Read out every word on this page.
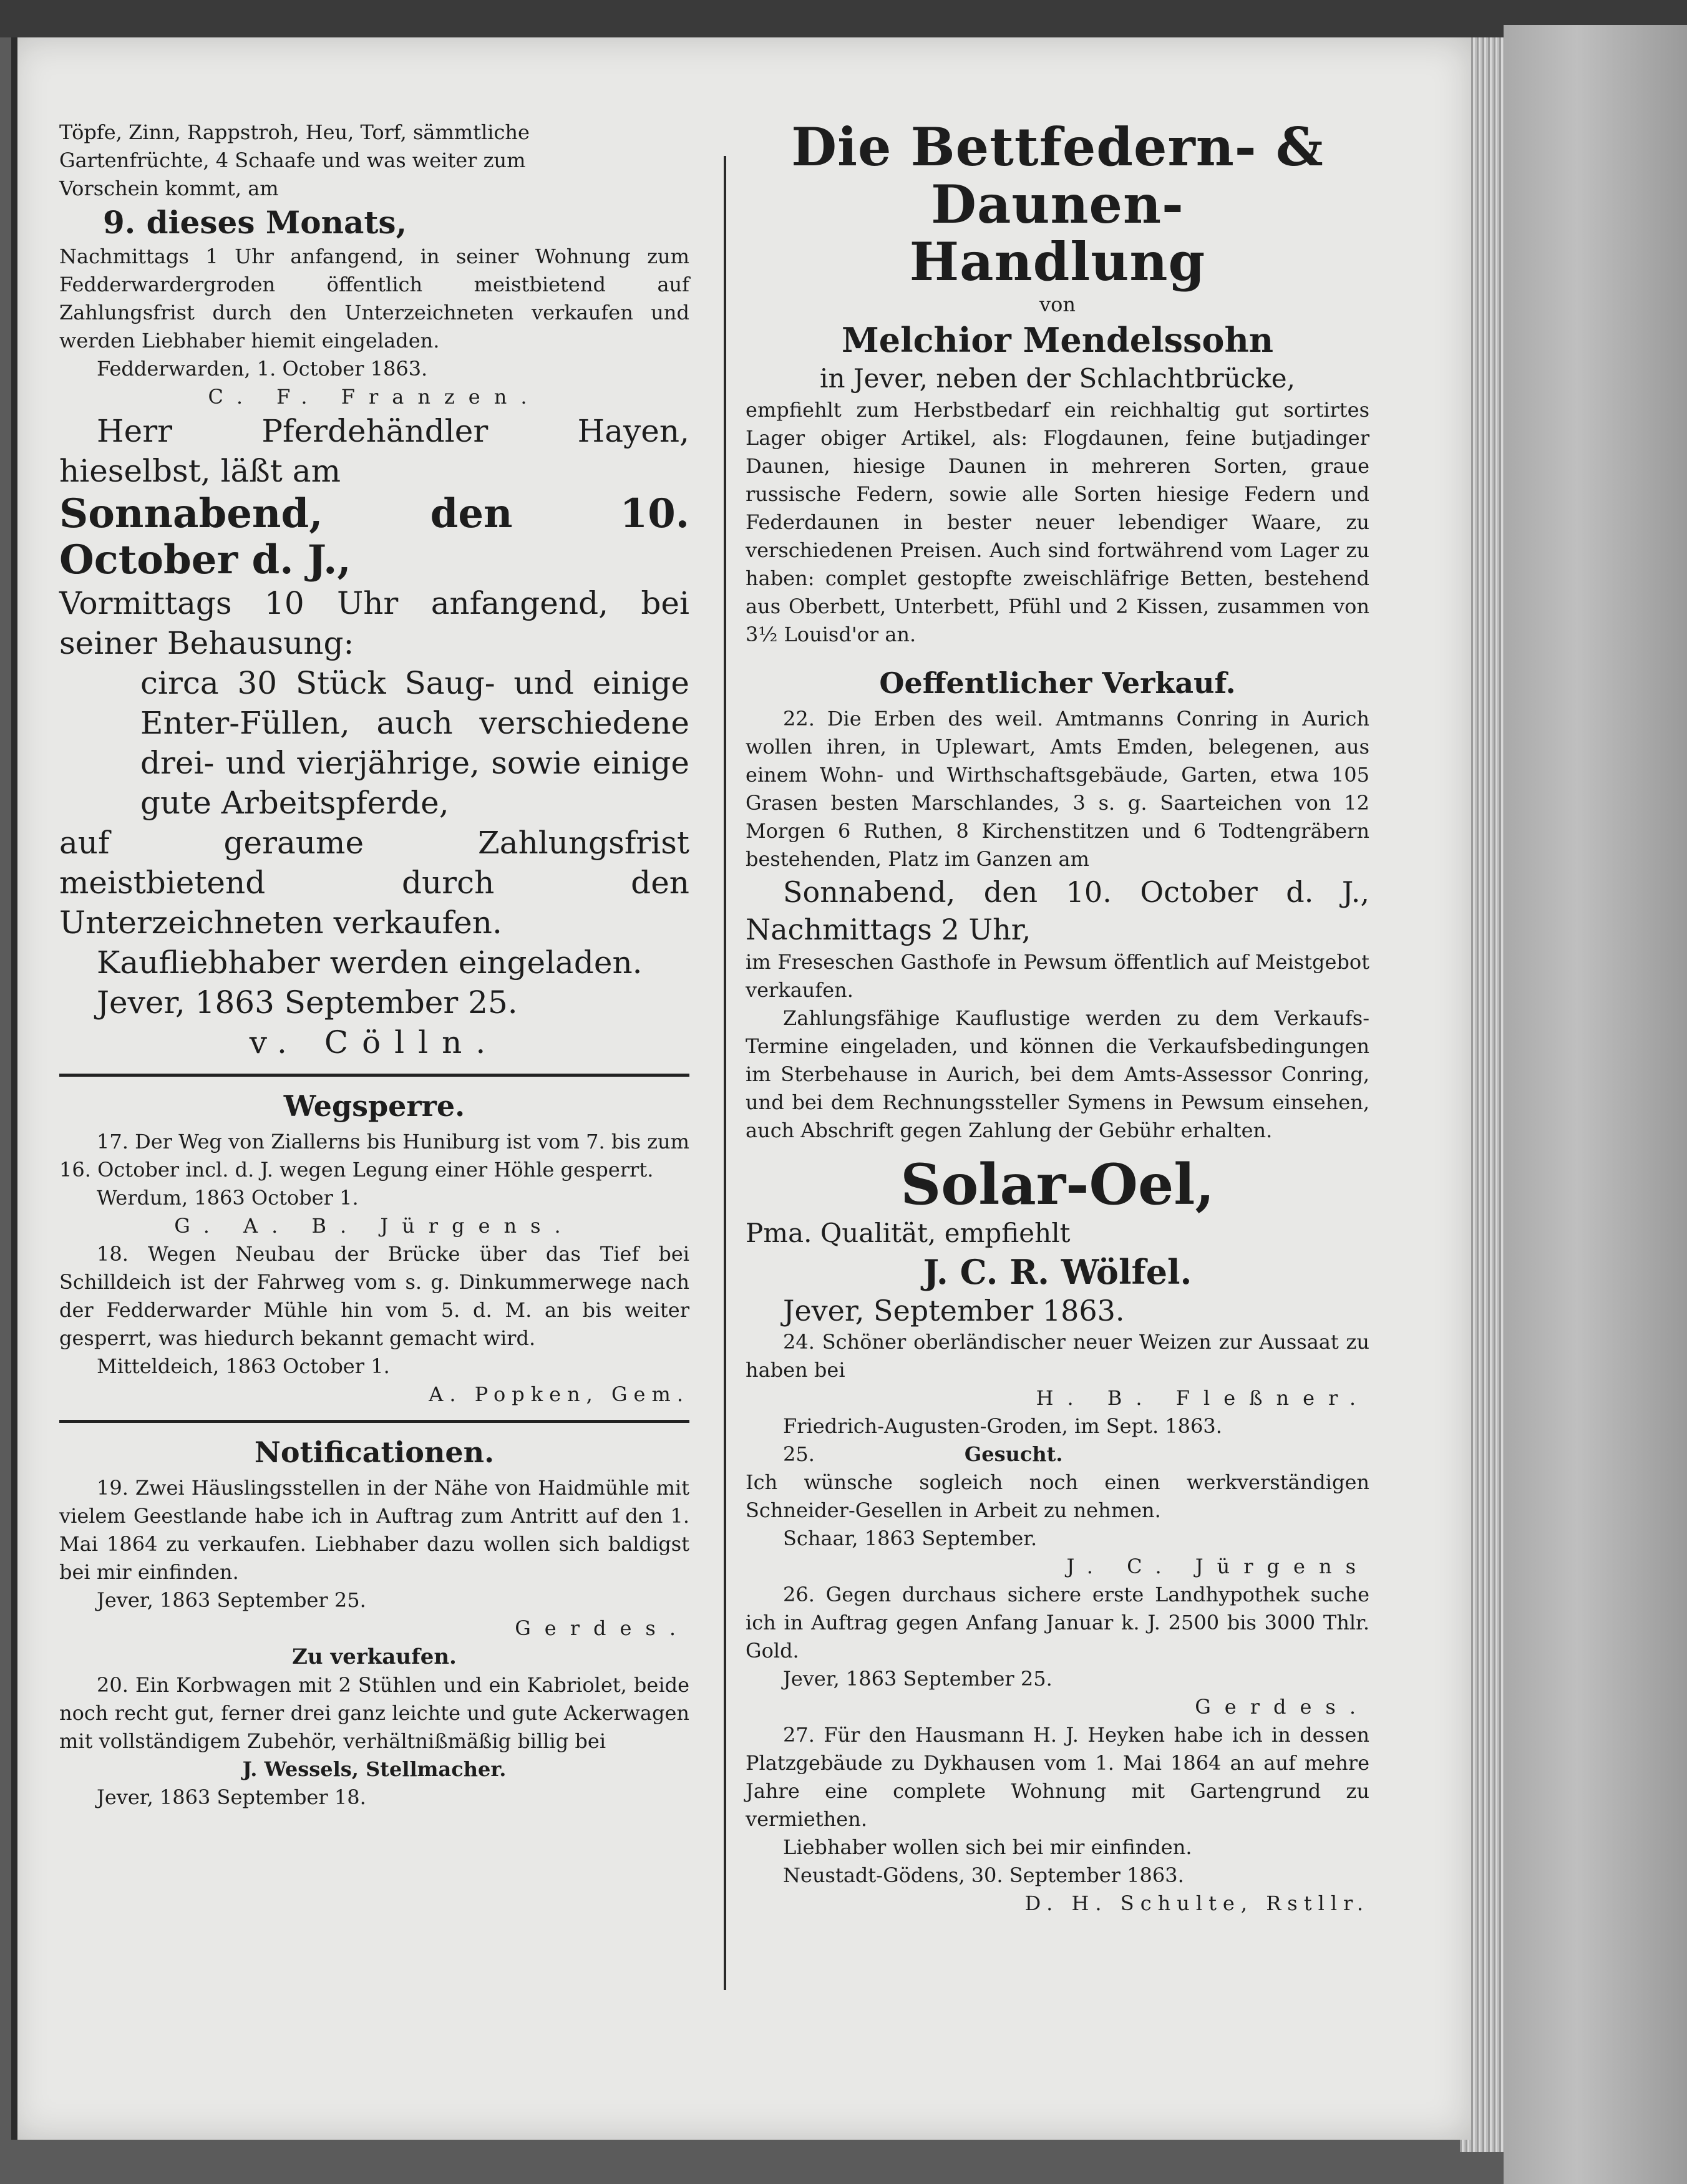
Töpfe, Zinn, Rappstroh, Heu, Torf, sämmtliche

Gartenfrüchte, 4 Schaafe und was weiter zum

Vorschein kommt, am

9. dieses Monats,

Nachmittags 1 Uhr anfangend, in seiner Wohnung zum Fedderwardergroden öffentlich meistbietend auf Zahlungsfrist durch den Unterzeichneten verkaufen und werden Liebhaber hiemit eingeladen.

Fedderwarden, 1. October 1863.

C. F. Franzen.

Herr Pferdehändler Hayen, hieselbst, läßt am

Sonnabend, den 10. October d. J.,

Vormittags 10 Uhr anfangend, bei seiner Behausung:

circa 30 Stück Saug- und einige Enter-Füllen, auch verschiedene drei- und vierjährige, sowie einige gute Arbeitspferde,

auf geraume Zahlungsfrist meistbietend durch den Unterzeichneten verkaufen.

Kaufliebhaber werden eingeladen.

Jever, 1863 September 25.

v. Cölln.

Wegsperre.

17. Der Weg von Ziallerns bis Huniburg ist vom 7. bis zum 16. October incl. d. J. wegen Legung einer Höhle gesperrt.

Werdum, 1863 October 1.

G. A. B. Jürgens.

18. Wegen Neubau der Brücke über das Tief bei Schilldeich ist der Fahrweg vom s. g. Dinkummerwege nach der Fedderwarder Mühle hin vom 5. d. M. an bis weiter gesperrt, was hiedurch bekannt gemacht wird.

Mitteldeich, 1863 October 1.

A. Popken, Gem.

Notificationen.

19. Zwei Häuslingsstellen in der Nähe von Haidmühle mit vielem Geestlande habe ich in Auftrag zum Antritt auf den 1. Mai 1864 zu verkaufen. Liebhaber dazu wollen sich baldigst bei mir einfinden.

Jever, 1863 September 25.

Gerdes.

Zu verkaufen.

20. Ein Korbwagen mit 2 Stühlen und ein Kabriolet, beide noch recht gut, ferner drei ganz leichte und gute Ackerwagen mit vollständigem Zubehör, verhältnißmäßig billig bei

J. Wessels, Stellmacher.

Jever, 1863 September 18.

Die Bettfedern- & Daunen-

Handlung

von

Melchior Mendelssohn

in Jever, neben der Schlachtbrücke,

empfiehlt zum Herbstbedarf ein reichhaltig gut sortirtes Lager obiger Artikel, als: Flogdaunen, feine butjadinger Daunen, hiesige Daunen in mehreren Sorten, graue russische Federn, sowie alle Sorten hiesige Federn und Federdaunen in bester neuer lebendiger Waare, zu verschiedenen Preisen. Auch sind fortwährend vom Lager zu haben: complet gestopfte zweischläfrige Betten, bestehend aus Oberbett, Unterbett, Pfühl und 2 Kissen, zusammen von 3½ Louisd'or an.

Oeffentlicher Verkauf.

22. Die Erben des weil. Amtmanns Conring in Aurich wollen ihren, in Uplewart, Amts Emden, belegenen, aus einem Wohn- und Wirthschaftsgebäude, Garten, etwa 105 Grasen besten Marschlandes, 3 s. g. Saarteichen von 12 Morgen 6 Ruthen, 8 Kirchenstitzen und 6 Todtengräbern bestehenden, Platz im Ganzen am

Sonnabend, den 10. October d. J., Nachmittags 2 Uhr,

im Freseschen Gasthofe in Pewsum öffentlich auf Meistgebot verkaufen.

Zahlungsfähige Kauflustige werden zu dem Verkaufs-Termine eingeladen, und können die Verkaufsbedingungen im Sterbehause in Aurich, bei dem Amts-Assessor Conring, und bei dem Rechnungssteller Symens in Pewsum einsehen, auch Abschrift gegen Zahlung der Gebühr erhalten.

Solar-Oel,

Pma. Qualität, empfiehlt

J. C. R. Wölfel.

Jever, September 1863.

24. Schöner oberländischer neuer Weizen zur Aussaat zu haben bei

H. B. Fleßner.

Friedrich-Augusten-Groden, im Sept. 1863.

25.	Gesucht.

Ich wünsche sogleich noch einen werkverständigen Schneider-Gesellen in Arbeit zu nehmen.

Schaar, 1863 September.

J. C. Jürgens

26. Gegen durchaus sichere erste Landhypothek suche ich in Auftrag gegen Anfang Januar k. J. 2500 bis 3000 Thlr. Gold.

Jever, 1863 September 25.

Gerdes.

27. Für den Hausmann H. J. Heyken habe ich in dessen Platzgebäude zu Dykhausen vom 1. Mai 1864 an auf mehre Jahre eine complete Wohnung mit Gartengrund zu vermiethen.

Liebhaber wollen sich bei mir einfinden.

Neustadt-Gödens, 30. September 1863.

D. H. Schulte, Rstllr.
